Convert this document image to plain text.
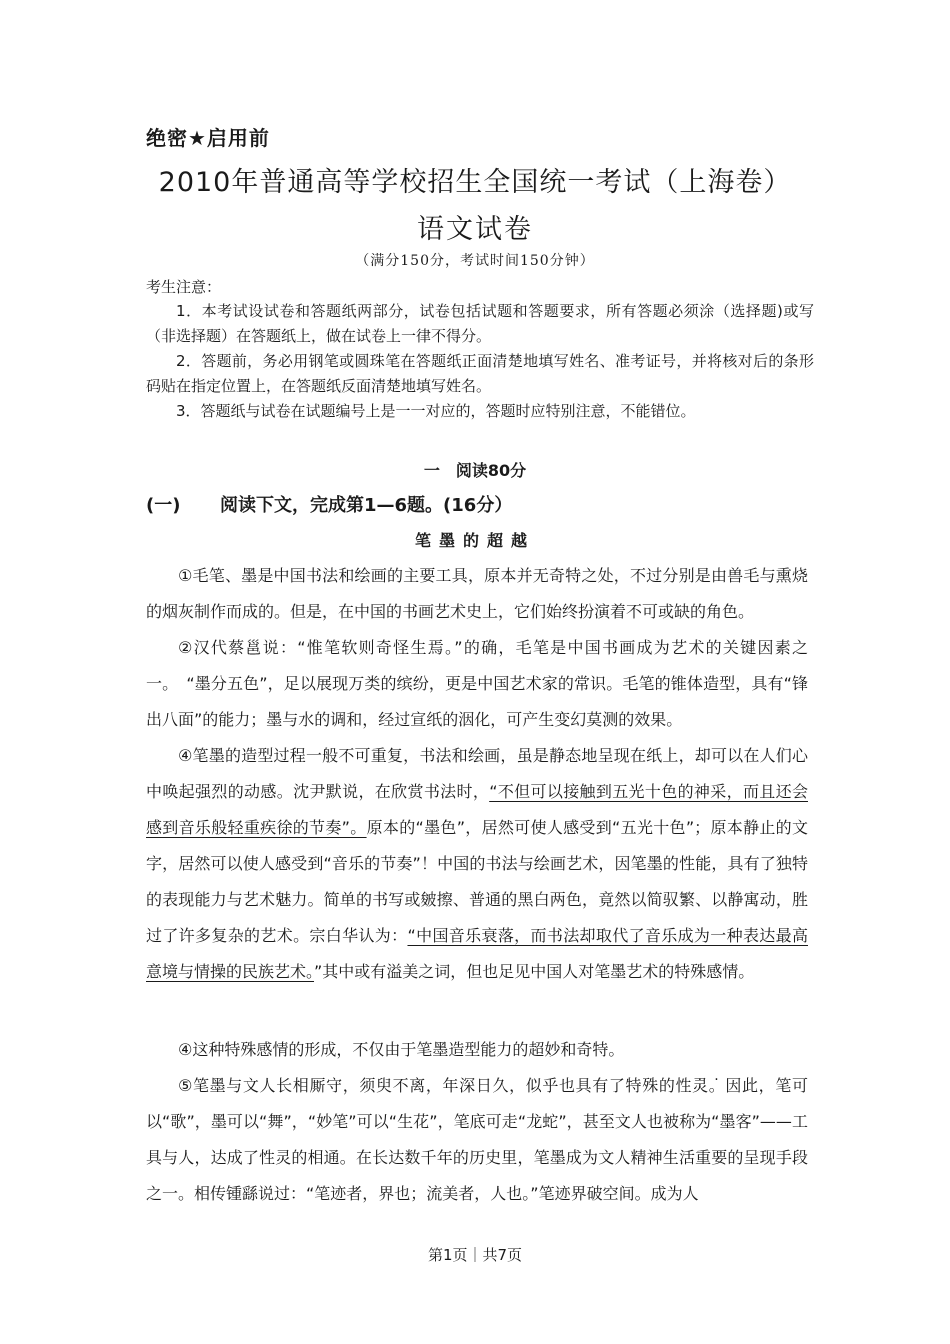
绝密★启用前
2010年普通高等学校招生全国统一考试（上海卷）
语文试卷
（满分150分，考试时间150分钟）
考生注意：
1．本考试设试卷和答题纸两部分，试卷包括试题和答题要求，所有答题必须涂（选择题)或写（非选择题）在答题纸上，做在试卷上一律不得分。
2．答题前，务必用钢笔或圆珠笔在答题纸正面清楚地填写姓名、准考证号，并将核对后的条形码贴在指定位置上，在答题纸反面清楚地填写姓名。
3．答题纸与试卷在试题编号上是一一对应的，答题时应特别注意，不能错位。
一　阅读80分
(一) 阅读下文，完成第1—6题。(16分）
笔墨的超越
①毛笔、墨是中国书法和绘画的主要工具，原本并无奇特之处，不过分别是由兽毛与熏烧的烟灰制作而成的。但是，在中国的书画艺术史上，它们始终扮演着不可或缺的角色。
②汉代蔡邕说：“惟笔软则奇怪生焉。”的确，毛笔是中国书画成为艺术的关键因素之一。　“墨分五色”，足以展现万类的缤纷，更是中国艺术家的常识。毛笔的锥体造型，具有“锋出八面”的能力；墨与水的调和，经过宣纸的洇化，可产生变幻莫测的效果。
④笔墨的造型过程一般不可重复，书法和绘画，虽是静态地呈现在纸上，却可以在人们心中唤起强烈的动感。沈尹默说，在欣赏书法时，“不但可以接触到五光十色的神采，而且还会感到音乐般轻重疾徐的节奏”。原本的“墨色”，居然可使人感受到“五光十色”；原本静止的文字，居然可以使人感受到“音乐的节奏”！中国的书法与绘画艺术，因笔墨的性能，具有了独特的表现能力与艺术魅力。简单的书写或皴擦、普通的黑白两色，竟然以简驭繁、以静寓动，胜过了许多复杂的艺术。宗白华认为：“中国音乐衰落，而书法却取代了音乐成为一种表达最高意境与情操的民族艺术。”其中或有溢美之词，但也足见中国人对笔墨艺术的特殊感情。
④这种特殊感情的形成，不仅由于笔墨造型能力的超妙和奇特。
⑤笔墨与文人长相厮守，须臾不离，年深日久，似乎也具有了特殊的性灵。因此，笔可以“歌”，墨可以“舞”，“妙笔”可以“生花”，笔底可走“龙蛇”，甚至文人也被称为“墨客”——工具与人，达成了性灵的相通。在长达数千年的历史里，笔墨成为文人精神生活重要的呈现手段之一。相传锺繇说过：“笔迹者，界也；流美者，人也。”笔迹界破空间。成为人
第1页｜共7页
